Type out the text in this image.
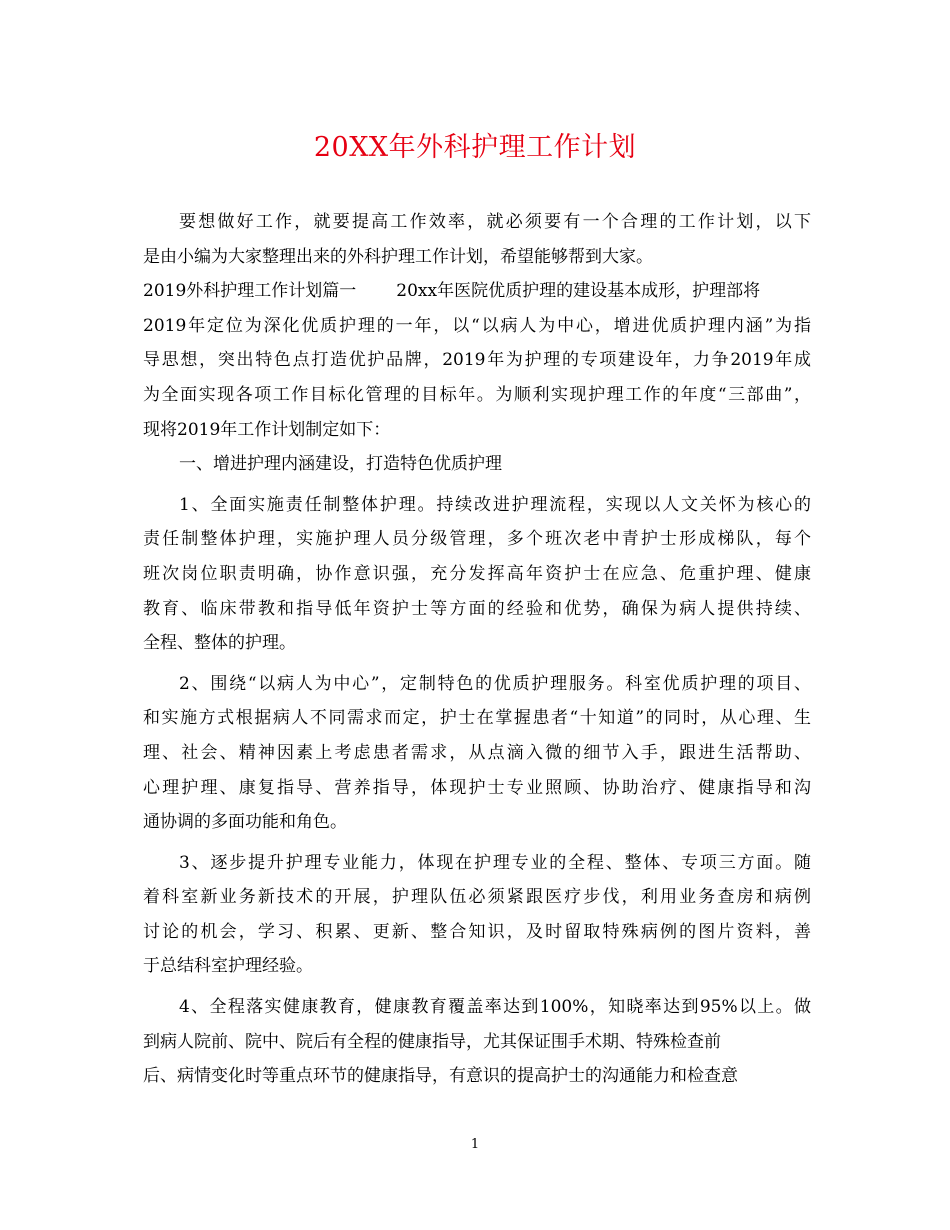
20XX年外科护理工作计划
要想做好工作，就要提高工作效率，就必须要有一个合理的工作计划，以下
是由小编为大家整理出来的外科护理工作计划，希望能够帮到大家。
2019外科护理工作计划篇一 20xx年医院优质护理的建设基本成形，护理部将
2019年定位为深化优质护理的一年，以“以病人为中心，增进优质护理内涵”为指
导思想，突出特色点打造优护品牌，2019年为护理的专项建设年，力争2019年成
为全面实现各项工作目标化管理的目标年。为顺利实现护理工作的年度“三部曲”，
现将2019年工作计划制定如下：
一、增进护理内涵建设，打造特色优质护理
1、全面实施责任制整体护理。持续改进护理流程，实现以人文关怀为核心的
责任制整体护理，实施护理人员分级管理，多个班次老中青护士形成梯队，每个
班次岗位职责明确，协作意识强，充分发挥高年资护士在应急、危重护理、健康
教育、临床带教和指导低年资护士等方面的经验和优势，确保为病人提供持续、
全程、整体的护理。
2、围绕“以病人为中心”，定制特色的优质护理服务。科室优质护理的项目、
和实施方式根据病人不同需求而定，护士在掌握患者“十知道”的同时，从心理、生
理、社会、精神因素上考虑患者需求，从点滴入微的细节入手，跟进生活帮助、
心理护理、康复指导、营养指导，体现护士专业照顾、协助治疗、健康指导和沟
通协调的多面功能和角色。
3、逐步提升护理专业能力，体现在护理专业的全程、整体、专项三方面。随
着科室新业务新技术的开展，护理队伍必须紧跟医疗步伐，利用业务查房和病例
讨论的机会，学习、积累、更新、整合知识，及时留取特殊病例的图片资料，善
于总结科室护理经验。
4、全程落实健康教育，健康教育覆盖率达到100%，知晓率达到95%以上。做
到病人院前、院中、院后有全程的健康指导，尤其保证围手术期、特殊检查前
后、病情变化时等重点环节的健康指导，有意识的提高护士的沟通能力和检查意
1
